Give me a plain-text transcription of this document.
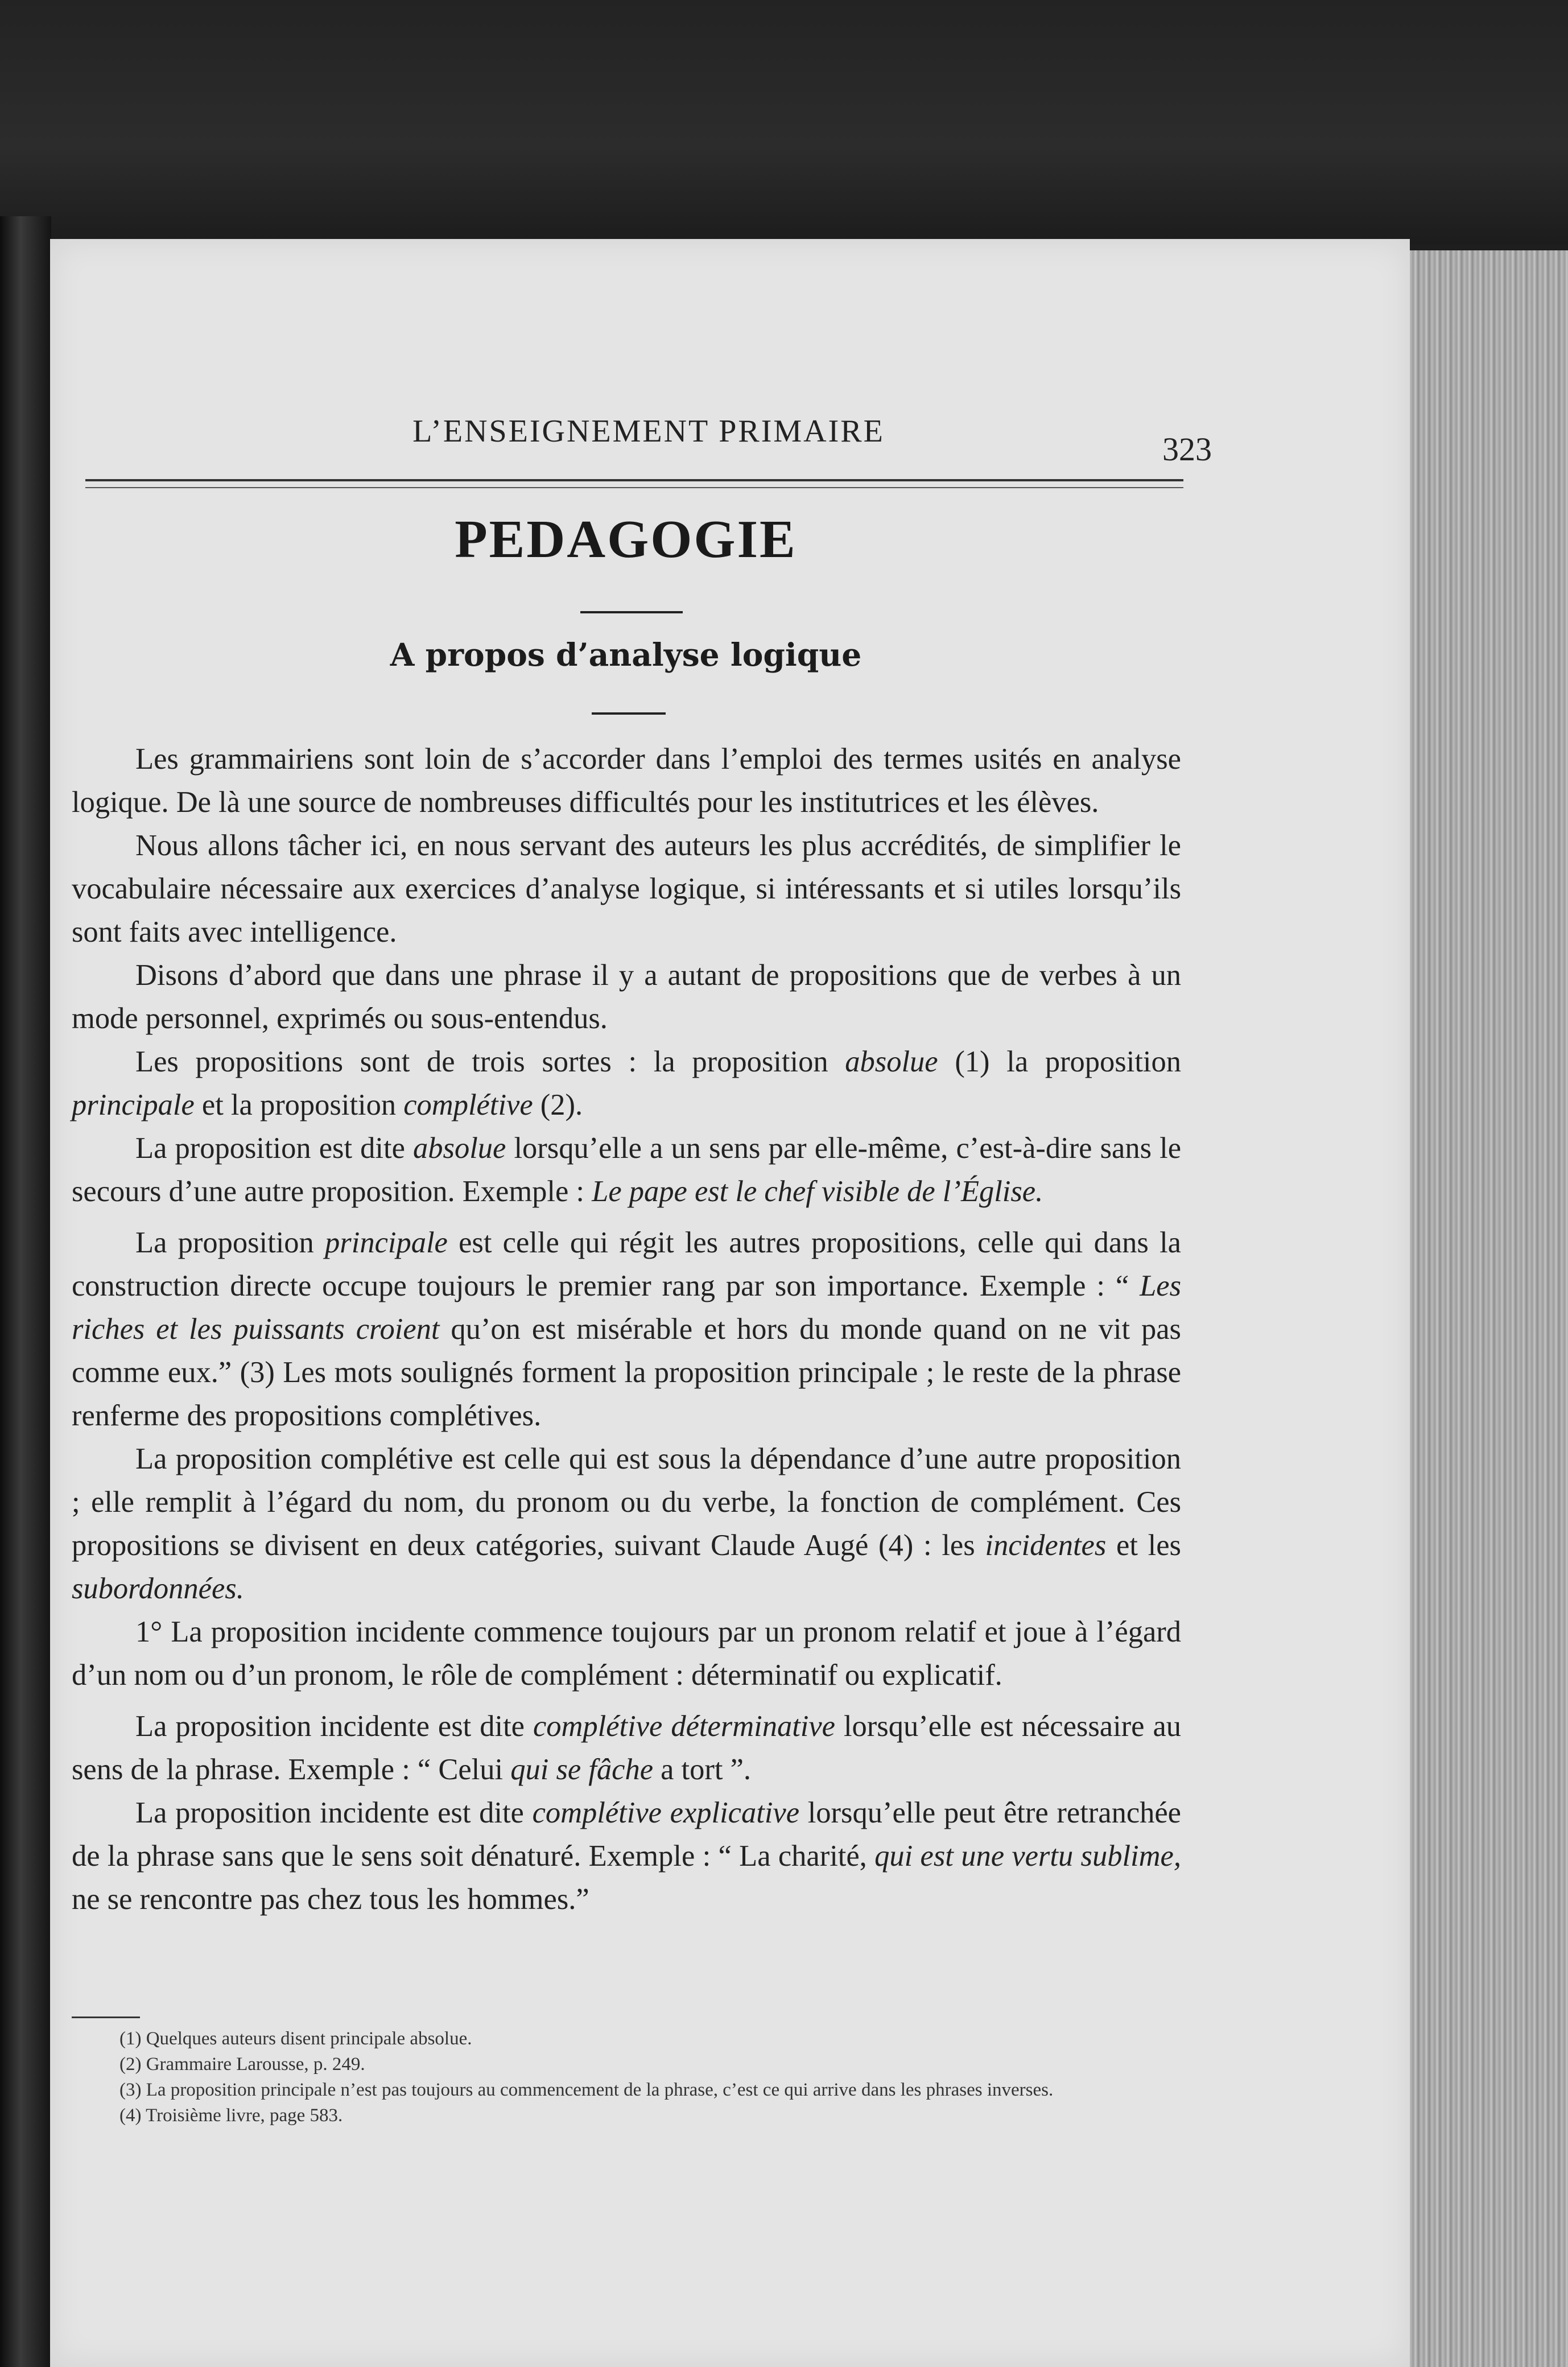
L’ENSEIGNEMENT PRIMAIRE	323
PEDAGOGIE
A propos d’analyse logique

Les grammairiens sont loin de s’accorder dans l’emploi des termes usités en analyse logique. De là une source de nombreuses difficultés pour les institutrices et les élèves.

Nous allons tâcher ici, en nous servant des auteurs les plus accrédités, de simplifier le vocabulaire nécessaire aux exercices d’analyse logique, si intéressants et si utiles lorsqu’ils sont faits avec intelligence.

Disons d’abord que dans une phrase il y a autant de propositions que de verbes à un mode personnel, exprimés ou sous-entendus.

Les propositions sont de trois sortes : la proposition absolue (1) la proposition principale et la proposition complétive (2).

La proposition est dite absolue lorsqu’elle a un sens par elle-même, c’est-à-dire sans le secours d’une autre proposition. Exemple : Le pape est le chef visible de l’Église.

La proposition principale est celle qui régit les autres propositions, celle qui dans la construction directe occupe toujours le premier rang par son importance. Exemple : “ Les riches et les puissants croient qu’on est misérable et hors du monde quand on ne vit pas comme eux.” (3) Les mots soulignés forment la proposition principale ; le reste de la phrase renferme des propositions complétives.

La proposition complétive est celle qui est sous la dépendance d’une autre proposition ; elle remplit à l’égard du nom, du pronom ou du verbe, la fonction de complément. Ces propositions se divisent en deux catégories, suivant Claude Augé (4) : les incidentes et les subordonnées.

1° La proposition incidente commence toujours par un pronom relatif et joue à l’égard d’un nom ou d’un pronom, le rôle de complément : déterminatif ou explicatif.

La proposition incidente est dite complétive déterminative lorsqu’elle est nécessaire au sens de la phrase. Exemple : “ Celui qui se fâche a tort ”.

La proposition incidente est dite complétive explicative lorsqu’elle peut être retranchée de la phrase sans que le sens soit dénaturé. Exemple : “ La charité, qui est une vertu sublime, ne se rencontre pas chez tous les hommes.”

(1) Quelques auteurs disent principale absolue.

(2) Grammaire Larousse, p. 249.

(3) La proposition principale n’est pas toujours au commencement de la phrase, c’est ce qui arrive dans les phrases inverses.

(4) Troisième livre, page 583.
